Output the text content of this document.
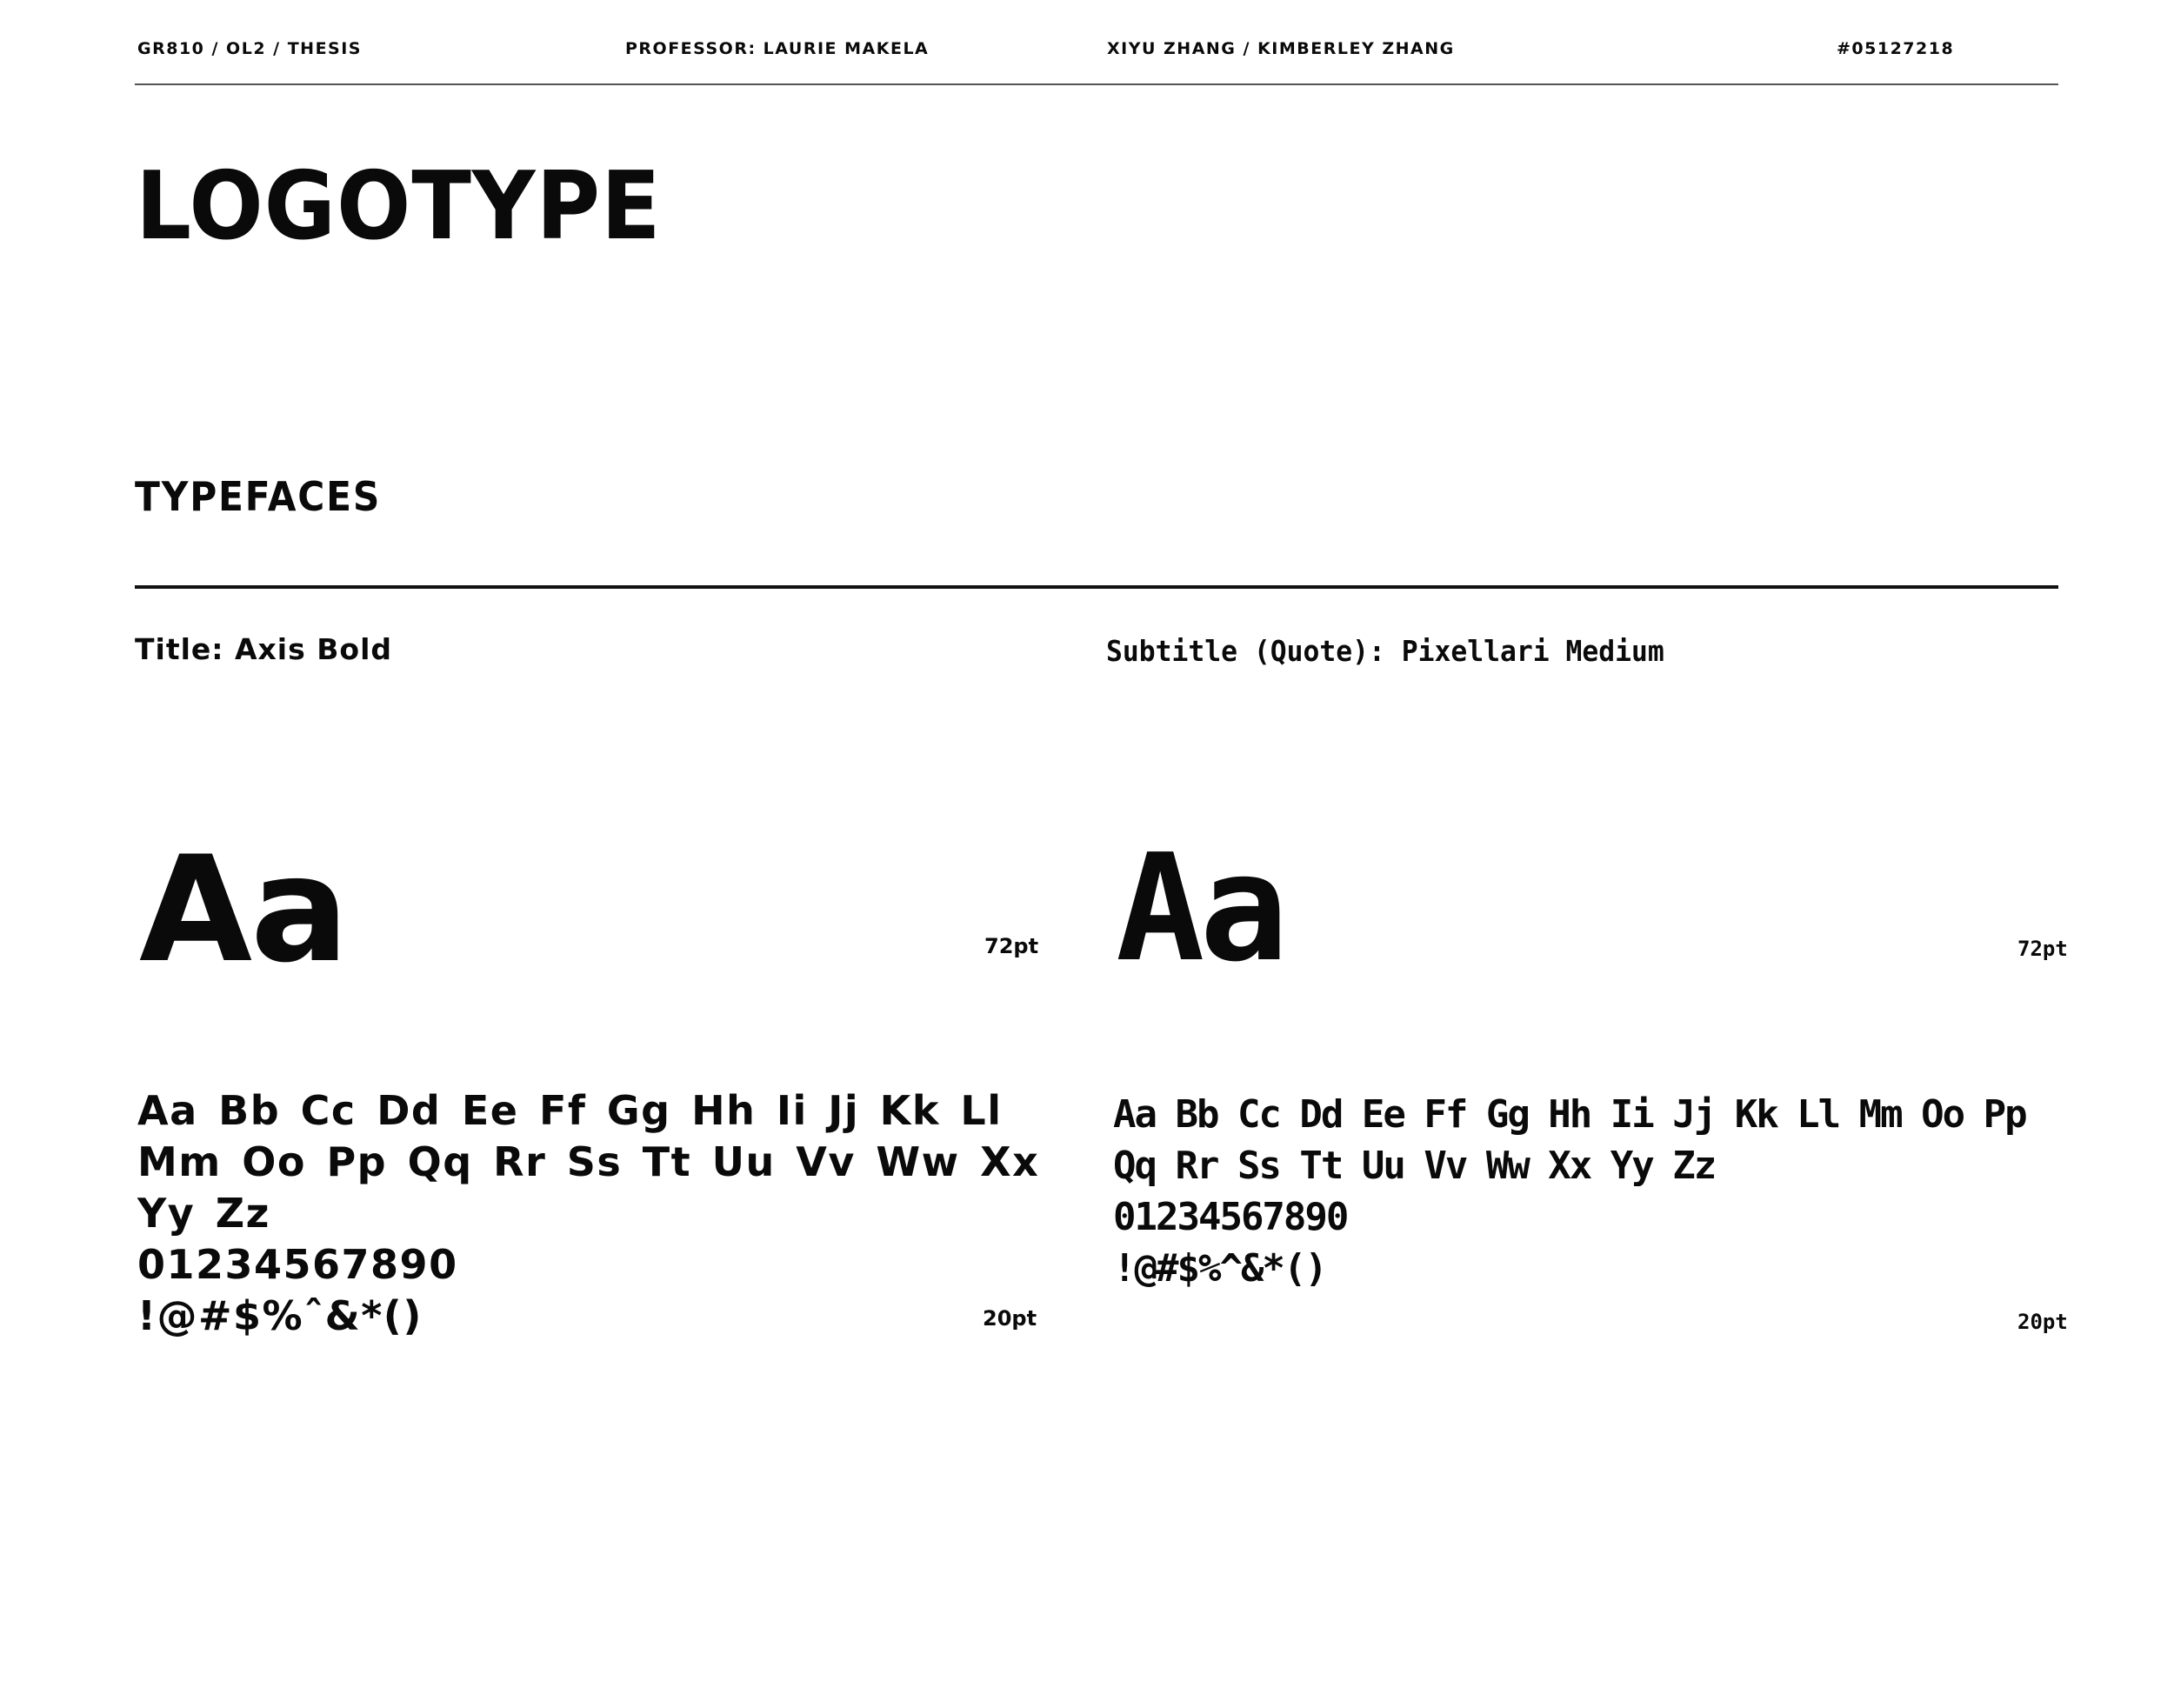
GR810 / OL2 / THESIS	PROFESSOR: LAURIE MAKELA	XIYU ZHANG / KIMBERLEY ZHANG	#05127218
LOGOTYPE
TYPEFACES
Title: Axis Bold
Aa	72pt
Aa Bb Cc Dd Ee Ff Gg Hh Ii Jj Kk Ll
Mm Oo Pp Qq Rr Ss Tt Uu Vv Ww Xx
Yy Zz
01234567890
!@#$%ˆ&*()	20pt
Subtitle (Quote): Pixellari Medium
Aa	72pt
Aa Bb Cc Dd Ee Ff Gg Hh Ii Jj Kk Ll Mm Oo Pp
Qq Rr Ss Tt Uu Vv Ww Xx Yy Zz
01234567890
!@#$%^&*()
20pt
